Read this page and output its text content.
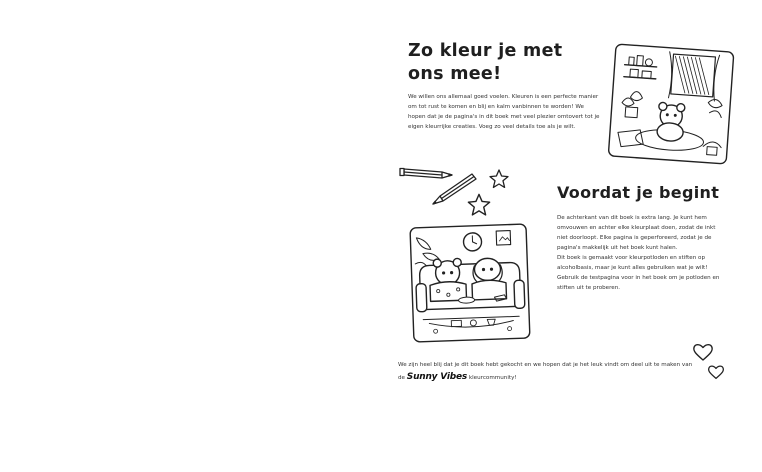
Zo kleur je met
ons mee!

We willen ons allemaal goed voelen. Kleuren is een perfecte manier om tot rust te komen en blij en kalm vanbinnen te worden! We hopen dat je de pagina's in dit boek met veel plezier omtovert tot je eigen kleurrijke creaties. Voeg zo veel details toe als je wilt.

Voordat je begint

De achterkant van dit boek is extra lang. Je kunt hem omvouwen en achter elke kleurplaat doen, zodat de inkt niet doorloopt. Elke pagina is geperforeerd, zodat je de pagina's makkelijk uit het boek kunt halen.

Dit boek is gemaakt voor kleurpotloden en stiften op alcoholbasis, maar je kunt alles gebruiken wat je wilt!

Gebruik de testpagina voor in het boek om je potloden en stiften uit te proberen.

We zijn heel blij dat je dit boek hebt gekocht en we hopen dat je het leuk vindt om deel uit te maken van de Sunny Vibes kleurcommunity!
